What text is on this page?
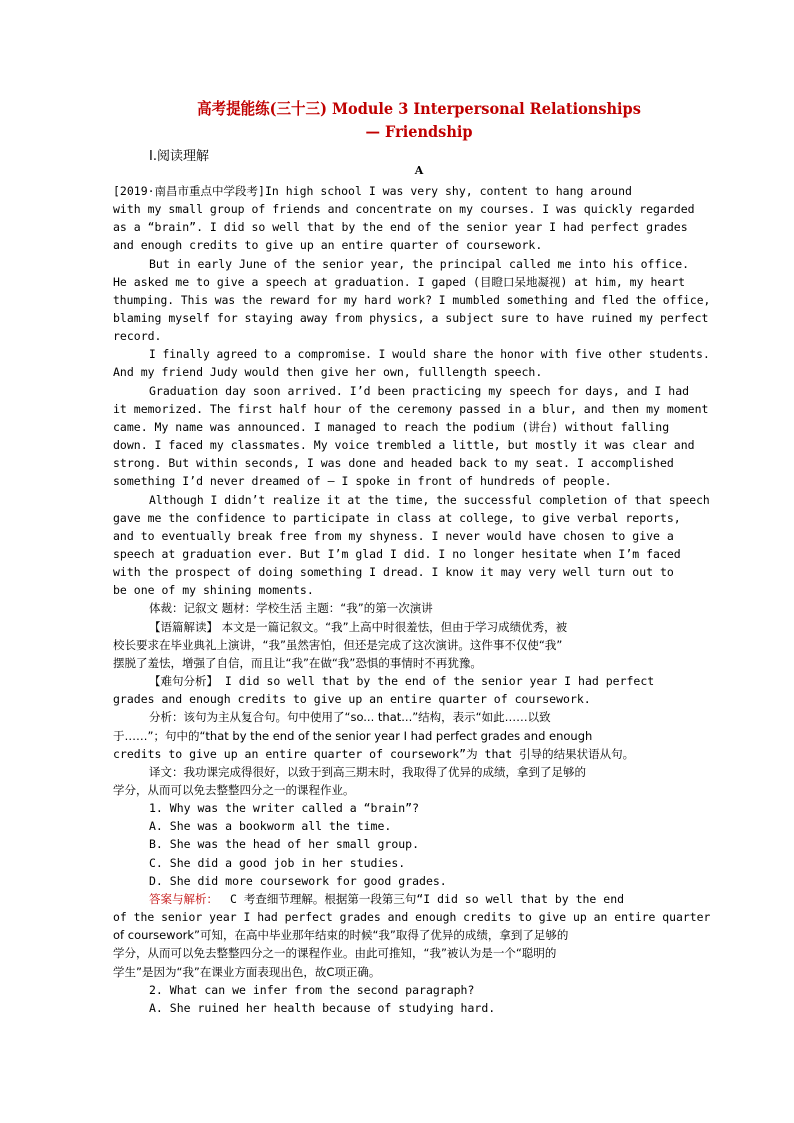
高考提能练(三十三) Module 3 Interpersonal Relationships
— Friendship
Ⅰ.阅读理解
A
[2019·南昌市重点中学段考]In high school I was very shy, content to hang around
with my small group of friends and concentrate on my courses. I was quickly regarded
as a “brain”. I did so well that by the end of the senior year I had perfect grades
and enough credits to give up an entire quarter of coursework.
But in early June of the senior year, the principal called me into his office.
He asked me to give a speech at graduation. I gaped (目瞪口呆地凝视) at him, my heart
thumping. This was the reward for my hard work? I mumbled something and fled the office,
blaming myself for staying away from physics, a subject sure to have ruined my perfect
record.
I finally agreed to a compromise. I would share the honor with five other students.
And my friend Judy would then give her own, fulllength speech.
Graduation day soon arrived. I’d been practicing my speech for days, and I had
it memorized. The first half hour of the ceremony passed in a blur, and then my moment
came. My name was announced. I managed to reach the podium (讲台) without falling
down. I faced my classmates. My voice trembled a little, but mostly it was clear and
strong. But within seconds, I was done and headed back to my seat. I accomplished
something I’d never dreamed of — I spoke in front of hundreds of people.
Although I didn’t realize it at the time, the successful completion of that speech
gave me the confidence to participate in class at college, to give verbal reports,
and to eventually break free from my shyness. I never would have chosen to give a
speech at graduation ever. But I’m glad I did. I no longer hesitate when I’m faced
with the prospect of doing something I dread. I know it may very well turn out to
be one of my shining moments.
体裁：记叙文 题材：学校生活 主题：“我”的第一次演讲
【语篇解读】 本文是一篇记叙文。“我”上高中时很羞怯，但由于学习成绩优秀，被
校长要求在毕业典礼上演讲，“我”虽然害怕，但还是完成了这次演讲。这件事不仅使“我”
摆脱了羞怯，增强了自信，而且让“我”在做“我”恐惧的事情时不再犹豫。
【难句分析】 I did so well that by the end of the senior year I had perfect
grades and enough credits to give up an entire quarter of coursework.
分析：该句为主从复合句。句中使用了“so... that...”结构，表示“如此……以致
于……”；句中的“that by the end of the senior year I had perfect grades and enough
credits to give up an entire quarter of coursework”为 that 引导的结果状语从句。
译文：我功课完成得很好，以致于到高三期末时，我取得了优异的成绩，拿到了足够的
学分，从而可以免去整整四分之一的课程作业。
1. Why was the writer called a “brain”?
A. She was a bookworm all the time.
B. She was the head of her small group.
C. She did a good job in her studies.
D. She did more coursework for good grades.
答案与解析： C 考查细节理解。根据第一段第三句“I did so well that by the end
of the senior year I had perfect grades and enough credits to give up an entire quarter
of coursework”可知，在高中毕业那年结束的时候“我”取得了优异的成绩，拿到了足够的
学分，从而可以免去整整四分之一的课程作业。由此可推知，“我”被认为是一个“聪明的
学生”是因为“我”在课业方面表现出色，故C项正确。
2. What can we infer from the second paragraph?
A. She ruined her health because of studying hard.
